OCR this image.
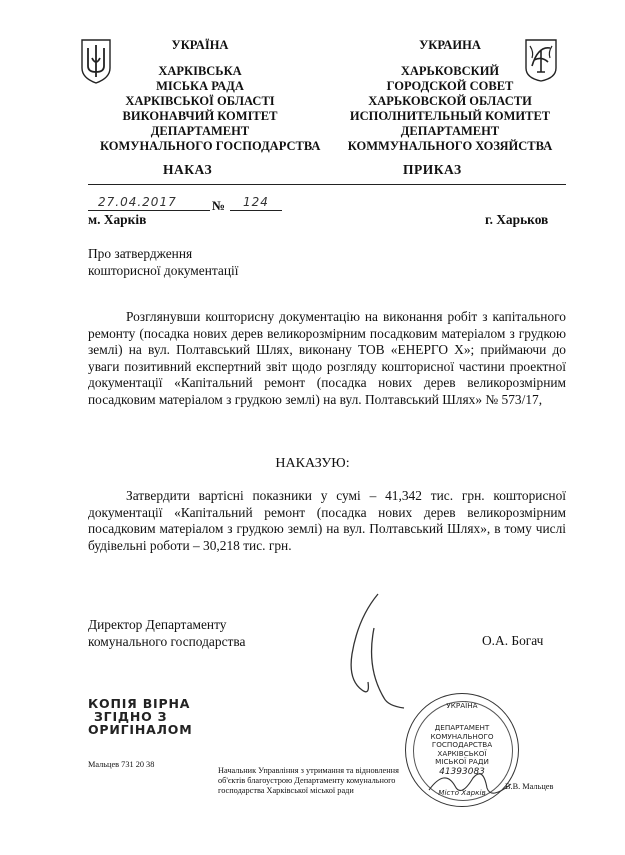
УКРАЇНА
ХАРКІВСЬКА
МІСЬКА РАДА
ХАРКІВСЬКОЇ ОБЛАСТІ
ВИКОНАВЧИЙ КОМІТЕТ
ДЕПАРТАМЕНТ
КОМУНАЛЬНОГО ГОСПОДАРСТВА
УКРАИНА
ХАРЬКОВСКИЙ
ГОРОДСКОЙ СОВЕТ
ХАРЬКОВСКОЙ ОБЛАСТИ
ИСПОЛНИТЕЛЬНЫЙ КОМИТЕТ
ДЕПАРТАМЕНТ
КОММУНАЛЬНОГО ХОЗЯЙСТВА
НАКАЗ	ПРИКАЗ
27.04.2017	№ 124
м. Харків	г. Харьков
Про затвердження
кошторисної документації
Розглянувши кошторисну документацію на виконання робіт з капітального ремонту (посадка нових дерев великорозмірним посадковим матеріалом з грудкою землі) на вул. Полтавський Шлях, виконану ТОВ «ЕНЕРГО Х»; приймаючи до уваги позитивний експертний звіт щодо розгляду кошторисної частини проектної документації «Капітальний ремонт (посадка нових дерев великорозмірним посадковим матеріалом з грудкою землі) на вул. Полтавський Шлях» № 573/17,
НАКАЗУЮ:
Затвердити вартісні показники у сумі – 41,342 тис. грн. кошторисної документації «Капітальний ремонт (посадка нових дерев великорозмірним посадковим матеріалом з грудкою землі) на вул. Полтавський Шлях», в тому числі будівельні роботи – 30,218 тис. грн.
Директор Департаменту
комунального господарства	О.А. Богач
КОПІЯ ВІРНА
ЗГІДНО З
ОРИГІНАЛОМ
Мальцев 731 20 38
Начальник Управління з утримання та відновлення
об'єктів благоустрою Департаменту комунального
господарства Харківської міської ради	В.В. Мальцев
УКРАЇНА
ДЕПАРТАМЕНТ
КОМУНАЛЬНОГО
ГОСПОДАРСТВА
ХАРКІВСЬКОЇ
МІСЬКОЇ РАДИ
41393083
Місто Харків
